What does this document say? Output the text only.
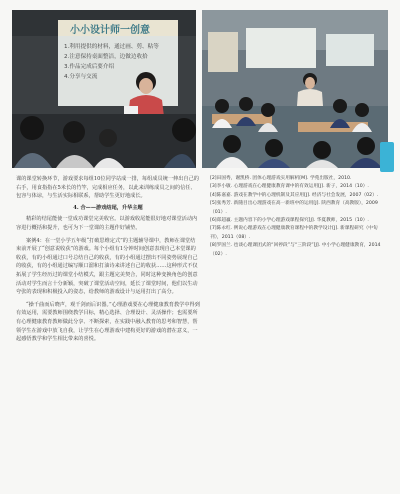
小小设计师一创意
1.利用提供的材料，通过画、剪、粘等
2.注意保持桌面整洁，边做边收拾
3.作品完成后要介绍
4.分享与交流

课的课堂转换环节，游戏要求每组10位同学站成一排，每组成员统一伸出自己的右手，用食指指在5米长的竹竿，完成相应任务，以此来训练成员之间的信任、包容与体谅，与生活实际相联系，帮助学生更好地成长。

4. 合——游戏结尾，升华主题

精彩的结尾能使一堂成功课堂完美收官。以游戏收尾能很好地对课堂活动内容进行概括和提升，也可为下一堂课的主题作好铺垫。

案例4：在一堂小学五年级“打破思维定式”的主题辅导课中，教师在课堂结束前开展了“创意说收获”的游戏。每个小组有1分钟时间创意表现自己本堂课的收获，有的小组通过口号总结自己的收获，有的小组通过摆出不同姿势展现自己的收获，有的小组通过编写顺口溜和打油诗来讲述自己的收获……这种形式不仅拓展了学生经历过的课堂小结模式，跟主题完美契合，同时这种变换角色的创意活动对学生而言十分新颖，突破了课堂活动空间，延长了课堂时间，他们以生动夸张的表现和积极投入的姿态，给教师的游戏设计与运用打出了高分。

“操千曲而后晓声，观千剑而后识器。”心理游戏要在心理健康教育教学中得到有效运用，需要教师围绕教学目标，精心选择、合理设计、灵活操作；也需要所有心理健康教育教师做此分享、不断探索，在实践中融入教育的思考和智慧，帮领学生在游戏中放飞自我，让学生在心理游戏中建构更好的游戏的潜在意义，一起感悟教学和学生相比带来的喜悦。

[2]田国秀，谢凯桥. 团体心理游戏实用解析[M]. 学苑出版社，2010.

[3]李小敏. 心理游戏在心理健康教育课中的有效运用[J]. 新子，2014（10）.

[4]陈嘉嘉. 游戏在教学中的心理机制及其应用[J]. 经济与社会发展，2007（02）.

[5]张秀芳. 新随目出心理游戏在高一新班中的运用[J]. 陕西教育（高教版），2009（01）.

[6]郑超赢. 主题内容下的小学心理游戏课程探究[J]. 华夏教师，2015（10）.

[7]陈永红. 例说心理游戏在心理健康教育课程中的教学设计[J]. 新课程研究（中旬刊），2011（08）.

[8]罗国兰. 也谈心理课团式的“回停段”与“三阶段”[J]. 中小学心理健康教育，2014（02）.
